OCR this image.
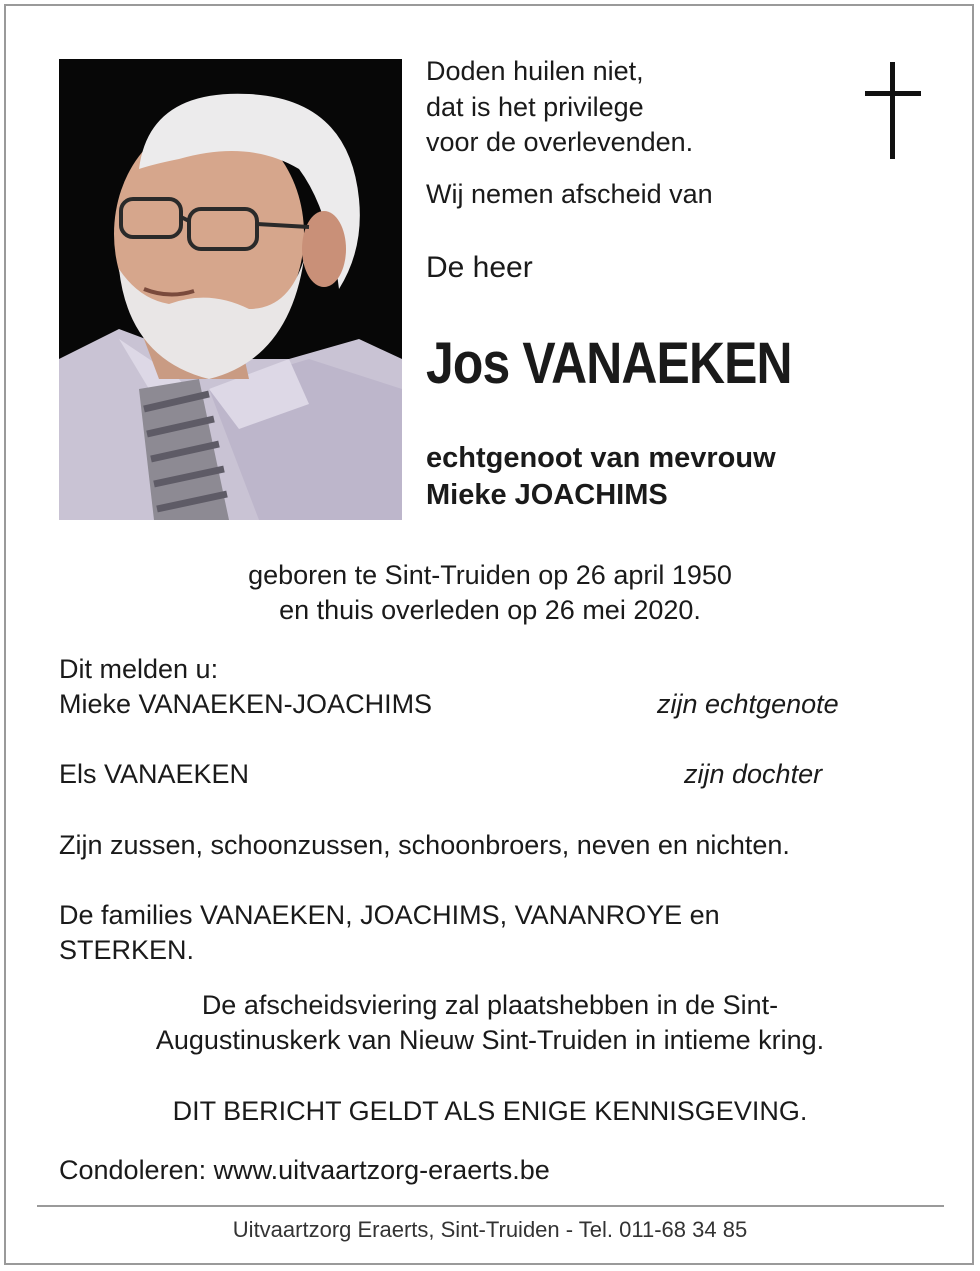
Doden huilen niet,
dat is het privilege
voor de overlevenden.
Wij nemen afscheid van
De heer
Jos VANAEKEN
echtgenoot van mevrouw
Mieke JOACHIMS
geboren te Sint-Truiden op 26 april 1950
en thuis overleden op 26 mei 2020.
Dit melden u:
Mieke VANAEKEN-JOACHIMS	zijn echtgenote
Els VANAEKEN	zijn dochter
Zijn zussen, schoonzussen, schoonbroers, neven en nichten.
De families VANAEKEN, JOACHIMS, VANANROYE en
STERKEN.
De afscheidsviering zal plaatshebben in de Sint-
Augustinuskerk van Nieuw Sint-Truiden in intieme kring.
DIT BERICHT GELDT ALS ENIGE KENNISGEVING.
Condoleren: www.uitvaartzorg-eraerts.be
Uitvaartzorg Eraerts, Sint-Truiden - Tel. 011-68 34 85
